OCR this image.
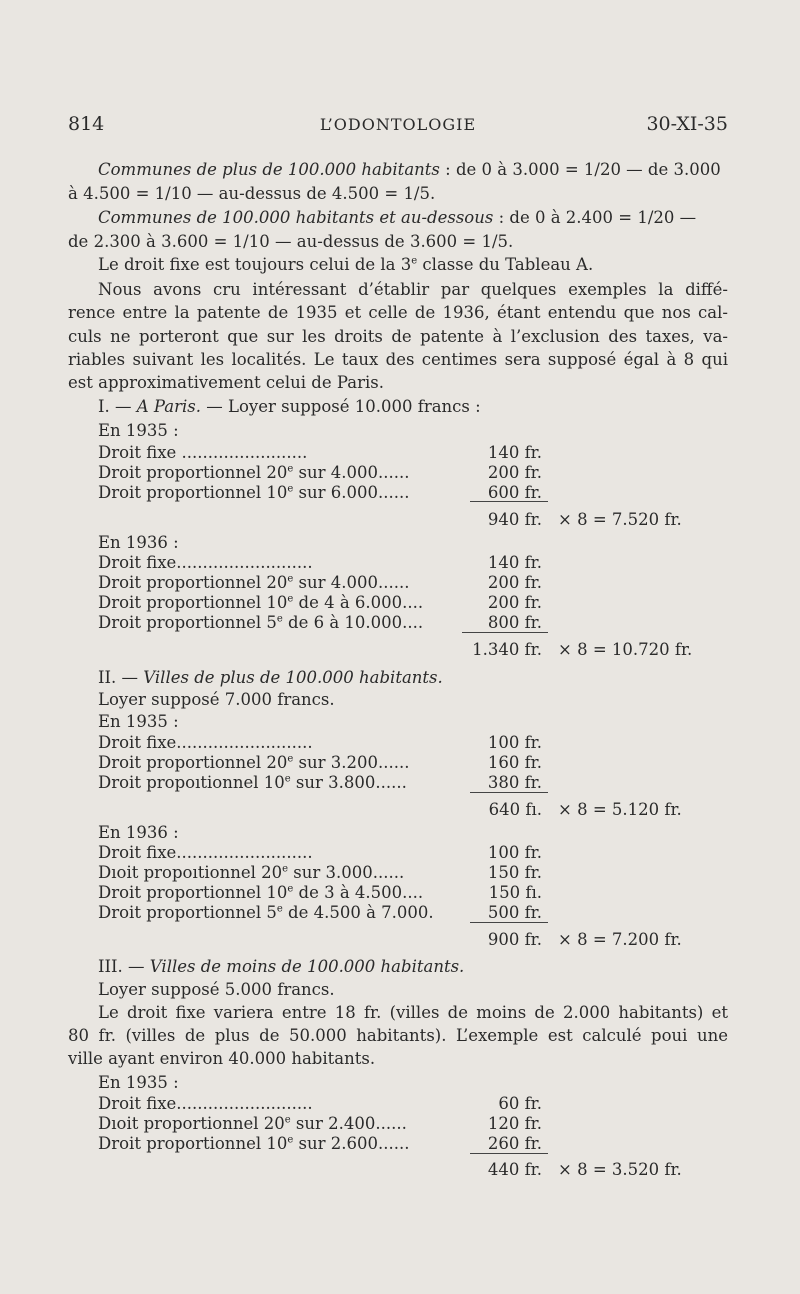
814	L’ODONTOLOGIE	30-XI-35
Communes de plus de 100.000 habitants : de 0 à 3.000 = 1/20 — de 3.000
à 4.500 = 1/10 — au-dessus de 4.500 = 1/5.
Communes de 100.000 habitants et au-dessous : de 0 à 2.400 = 1/20 —
de 2.300 à 3.600 = 1/10 — au-dessus de 3.600 = 1/5.
Le droit fixe est toujours celui de la 3e classe du Tableau A.
Nous avons cru intéressant d’établir par quelques exemples la diffé-
rence entre la patente de 1935 et celle de 1936, étant entendu que nos cal-
culs ne porteront que sur les droits de patente à l’exclusion des taxes, va-
riables suivant les localités. Le taux des centimes sera supposé égal à 8 qui
est approximativement celui de Paris.
I. — A Paris. — Loyer supposé 10.000 francs :
En 1935 :
Droit fixe ........................	140 fr.
Droit proportionnel 20e sur 4.000......	200 fr.
Droit proportionnel 10e sur 6.000......	600 fr.
940 fr. × 8 = 7.520 fr.
En 1936 :
Droit fixe..........................	140 fr.
Droit proportionnel 20e sur 4.000......	200 fr.
Droit proportionnel 10e de 4 à 6.000....	200 fr.
Droit proportionnel 5e de 6 à 10.000....	800 fr.
1.340 fr. × 8 = 10.720 fr.
II. — Villes de plus de 100.000 habitants.
Loyer supposé 7.000 francs.
En 1935 :
Droit fixe..........................	100 fr.
Droit proportionnel 20e sur 3.200......	160 fr.
Droit propoıtionnel 10e sur 3.800......	380 fr.
640 fı. × 8 = 5.120 fr.
En 1936 :
Droit fixe..........................	100 fr.
Dıoit propoıtionnel 20e sur 3.000......	150 fr.
Droit proportionnel 10e de 3 à 4.500....	150 fı.
Droit proportionnel 5e de 4.500 à 7.000.	500 fr.
900 fr. × 8 = 7.200 fr.
III. — Villes de moins de 100.000 habitants.
Loyer supposé 5.000 francs.
Le droit fixe variera entre 18 fr. (villes de moins de 2.000 habitants) et
80 fr. (villes de plus de 50.000 habitants). L’exemple est calculé poui une
ville ayant environ 40.000 habitants.
En 1935 :
Droit fixe..........................	60 fr.
Dıoit proportionnel 20e sur 2.400......	120 fr.
Droit proportionnel 10e sur 2.600......	260 fr.
440 fr. × 8 = 3.520 fr.
